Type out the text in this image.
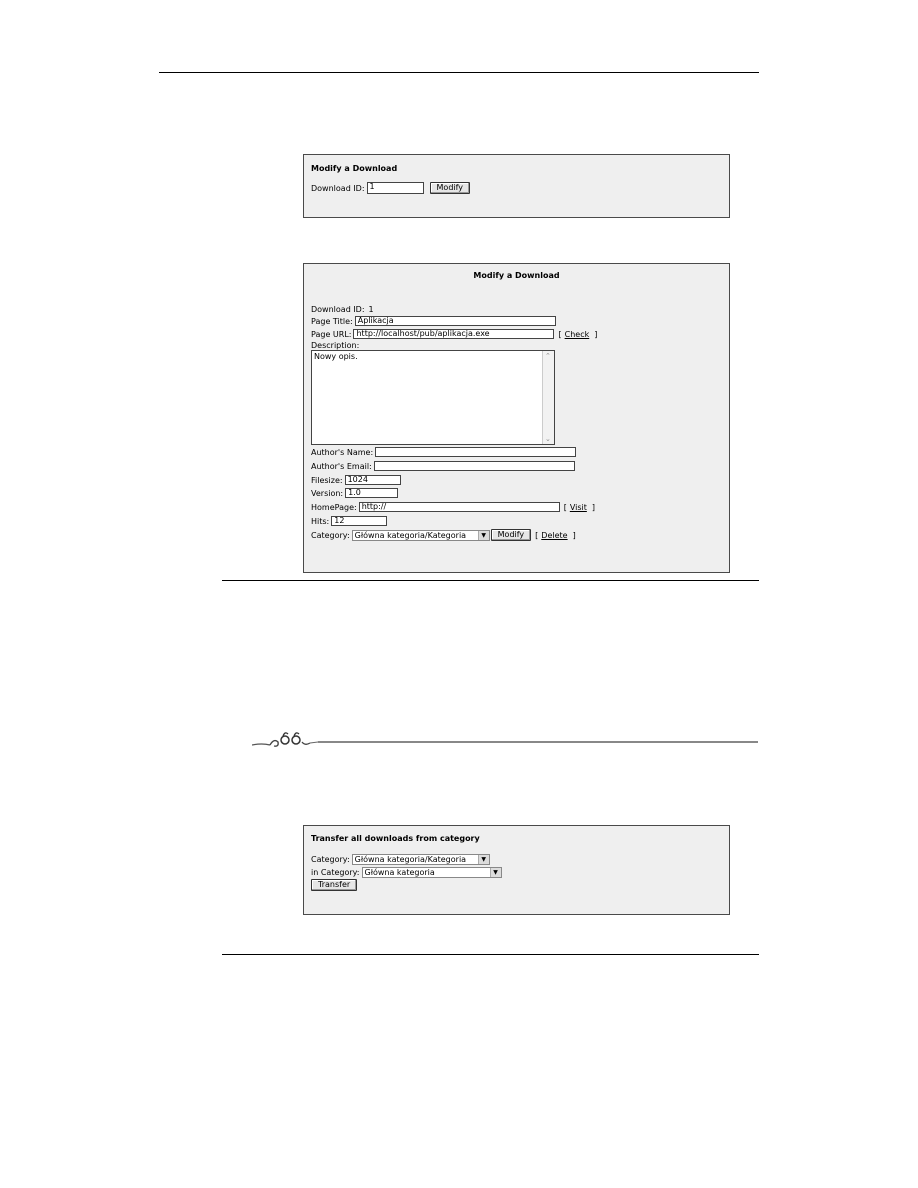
Modify a Download
Download ID: 1	Modify
Modify a Download
Download ID: 1
Page Title: Aplikacja
Page URL: http://localhost/pub/aplikacja.exe	[ Check ]
Description:
Nowy opis.	⌃
⌄
Author's Name:
Author's Email:
Filesize: 1024
Version: 1.0
HomePage: http://	[ Visit ]
Hits: 12
Category: Główna kategoria/Kategoria	▼	Modify	[ Delete ]
Transfer all downloads from category
Category: Główna kategoria/Kategoria	▼
in Category: Główna kategoria	▼
Transfer
